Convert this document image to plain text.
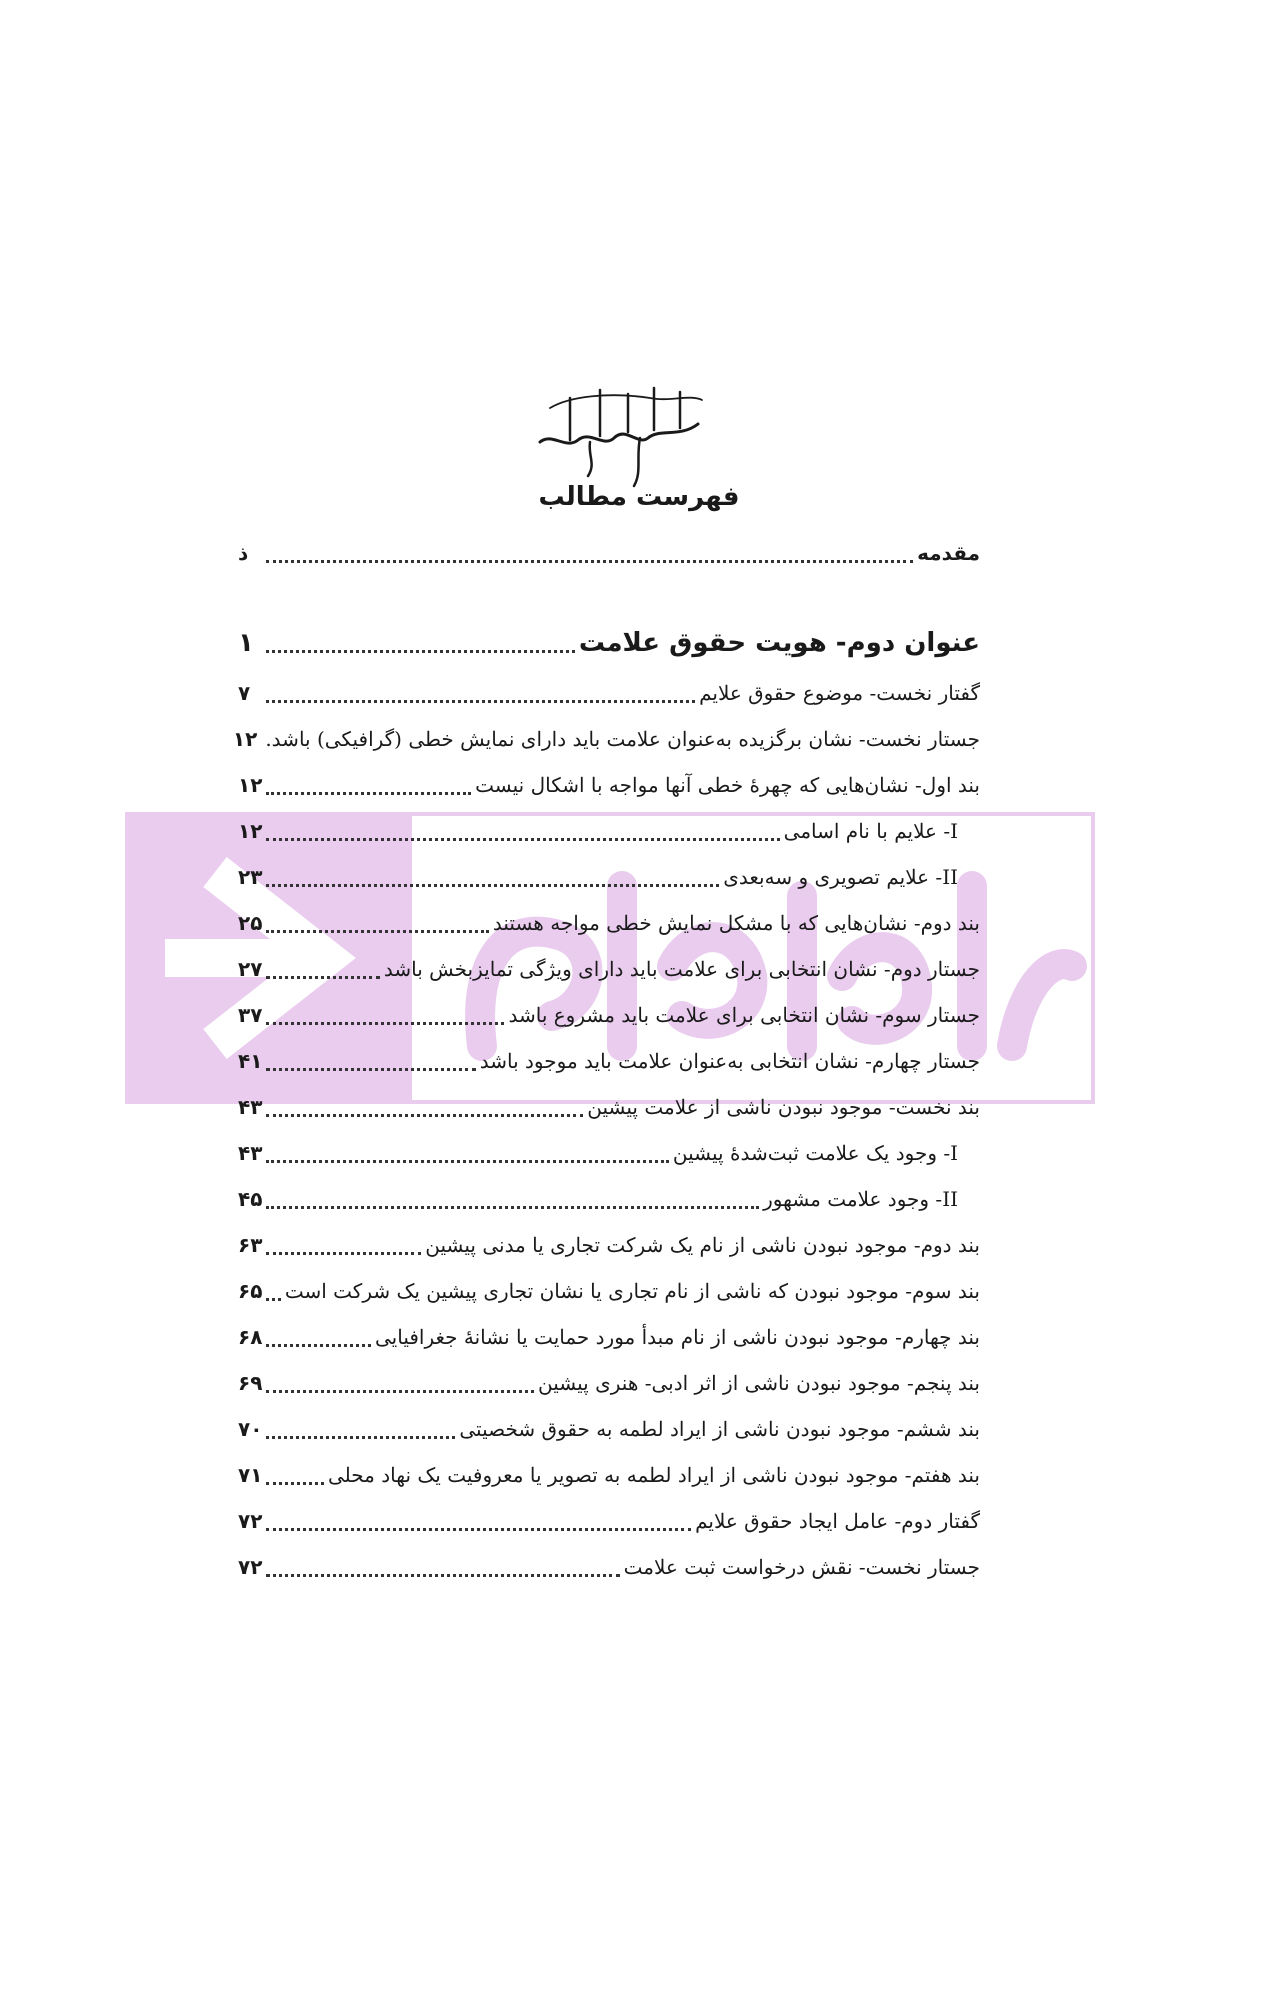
فهرست مطالب
مقدمه
ذ
عنوان دوم- هویت حقوق علامت
۱
گفتار نخست- موضوع حقوق علایم
۷
جستار نخست- نشان برگزیده به‌عنوان علامت باید دارای نمایش خطی (گرافیکی) باشد.
۱۲
بند اول- نشان‌هایی که چهرۀ خطی آنها مواجه با اشکال نیست
۱۲
I- علایم با نام اسامی
۱۲
II- علایم تصویری و سه‌بعدی
۲۳
بند دوم- نشان‌هایی که با مشکل نمایش خطی مواجه هستند
۲۵
جستار دوم- نشان انتخابی برای علامت باید دارای ویژگی تمایزبخش باشد
۲۷
جستار سوم- نشان انتخابی برای علامت باید مشروع باشد
۳۷
جستار چهارم- نشان انتخابی به‌عنوان علامت باید موجود باشد
۴۱
بند نخست- موجود نبودن ناشی از علامت پیشین
۴۳
I- وجود یک علامت ثبت‌شدۀ پیشین
۴۳
II- وجود علامت مشهور
۴۵
بند دوم- موجود نبودن ناشی از نام یک شرکت تجاری یا مدنی پیشین
۶۳
بند سوم- موجود نبودن که ناشی از نام تجاری یا نشان تجاری پیشین یک شرکت است
۶۵
بند چهارم- موجود نبودن ناشی از نام مبدأ مورد حمایت یا نشانۀ جغرافیایی
۶۸
بند پنجم- موجود نبودن ناشی از اثر ادبی- هنری پیشین
۶۹
بند ششم- موجود نبودن ناشی از ایراد لطمه به حقوق شخصیتی
۷۰
بند هفتم- موجود نبودن ناشی از ایراد لطمه به تصویر یا معروفیت یک نهاد محلی
۷۱
گفتار دوم- عامل ایجاد حقوق علایم
۷۲
جستار نخست- نقش درخواست ثبت علامت
۷۲
